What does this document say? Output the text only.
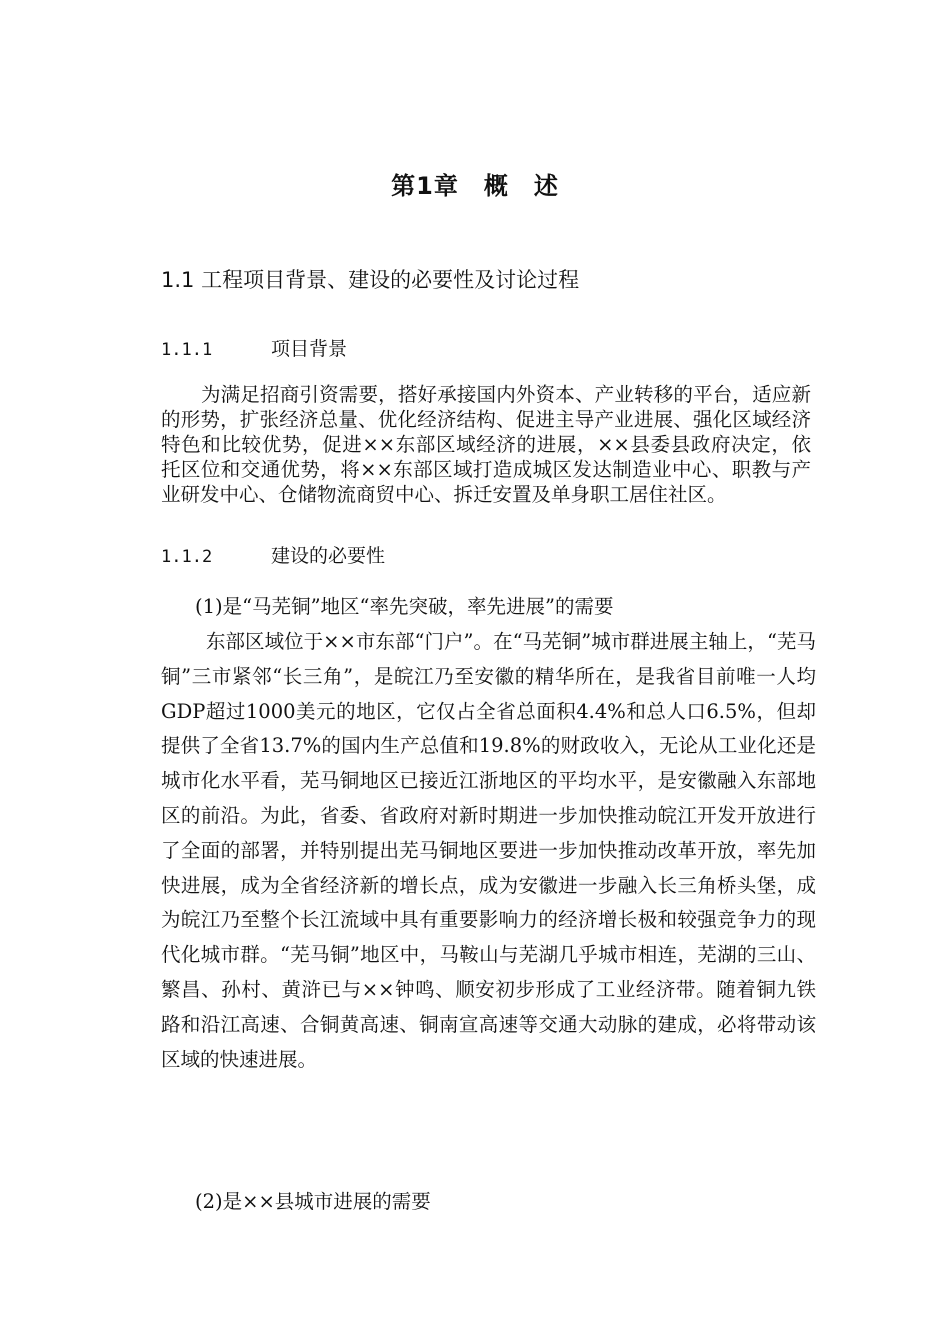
第1章　概　述
1.1 工程项目背景、建设的必要性及讨论过程
1.1.1	项目背景

为满足招商引资需要，搭好承接国内外资本、产业转移的平台，适应新的形势，扩张经济总量、优化经济结构、促进主导产业进展、强化区域经济特色和比较优势，促进××东部区域经济的进展，××县委县政府决定，依托区位和交通优势，将××东部区域打造成城区发达制造业中心、职教与产业研发中心、仓储物流商贸中心、拆迁安置及单身职工居住社区。

1.1.2	建设的必要性
(1)是“马芜铜”地区“率先突破，率先进展”的需要

东部区域位于××市东部“门户”。在“马芜铜”城市群进展主轴上，“芜马铜”三市紧邻“长三角”，是皖江乃至安徽的精华所在，是我省目前唯一人均GDP超过1000美元的地区，它仅占全省总面积4.4%和总人口6.5%，但却提供了全省13.7%的国内生产总值和19.8%的财政收入，无论从工业化还是城市化水平看，芜马铜地区已接近江浙地区的平均水平，是安徽融入东部地区的前沿。为此，省委、省政府对新时期进一步加快推动皖江开发开放进行了全面的部署，并特别提出芜马铜地区要进一步加快推动改革开放，率先加快进展，成为全省经济新的增长点，成为安徽进一步融入长三角桥头堡，成为皖江乃至整个长江流域中具有重要影响力的经济增长极和较强竞争力的现代化城市群。“芜马铜”地区中，马鞍山与芜湖几乎城市相连，芜湖的三山、繁昌、孙村、黄浒已与××钟鸣、顺安初步形成了工业经济带。随着铜九铁路和沿江高速、合铜黄高速、铜南宣高速等交通大动脉的建成，必将带动该区域的快速进展。

(2)是××县城市进展的需要
